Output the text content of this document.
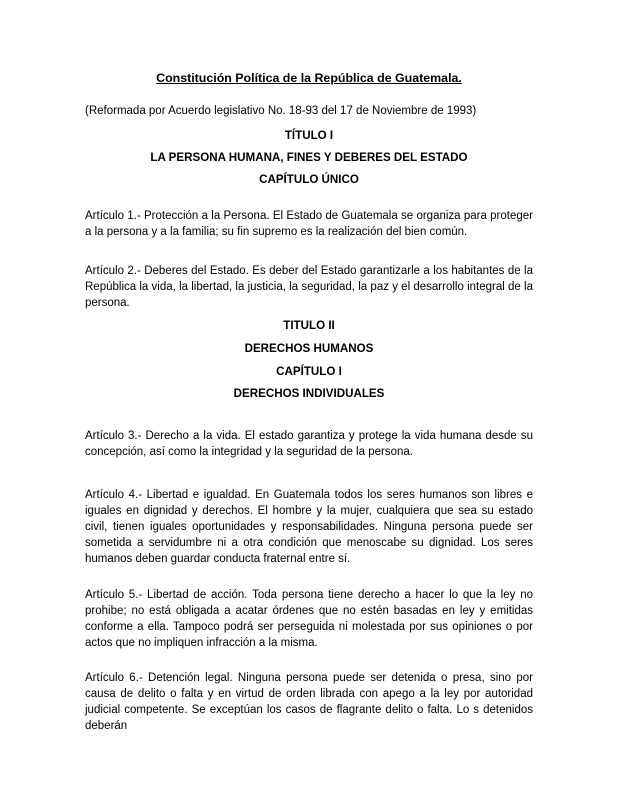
Constitución Política de la República de Guatemala.

(Reformada por Acuerdo legislativo No. 18-93 del 17 de Noviembre de 1993)

TÍTULO I
LA PERSONA HUMANA, FINES Y DEBERES DEL ESTADO
CAPÍTULO ÚNICO

Artículo 1.- Protección a la Persona. El Estado de Guatemala se organiza para proteger a la persona y a la familia; su fin supremo es la realización del bien común.

Artículo 2.- Deberes del Estado. Es deber del Estado garantizarle a los habitantes de la República la vida, la libertad, la justicia, la seguridad, la paz y el desarrollo integral de la persona.

TITULO II
DERECHOS HUMANOS
CAPÍTULO I
DERECHOS INDIVIDUALES

Artículo 3.- Derecho a la vida. El estado garantiza y protege la vida humana desde su concepción, así como la integridad y la seguridad de la persona.

Artículo 4.- Libertad e igualdad. En Guatemala todos los seres humanos son libres e iguales en dignidad y derechos. El hombre y la mujer, cualquiera que sea su estado civil, tienen iguales oportunidades y responsabilidades. Ninguna persona puede ser sometida a servidumbre ni a otra condición que menoscabe su dignidad. Los seres humanos deben guardar conducta fraternal entre sí.

Artículo 5.- Libertad de acción. Toda persona tiene derecho a hacer lo que la ley no prohibe; no está obligada a acatar órdenes que no estén basadas en ley y emitidas conforme a ella. Tampoco podrá ser perseguida ni molestada por sus opiniones o por actos que no impliquen infracción a la misma.

Artículo 6.- Detención legal. Ninguna persona puede ser detenida o presa, sino por causa de delito o falta y en virtud de orden librada con apego a la ley por autoridad judicial competente. Se exceptúan los casos de flagrante delito o falta. Lo s detenidos deberán
